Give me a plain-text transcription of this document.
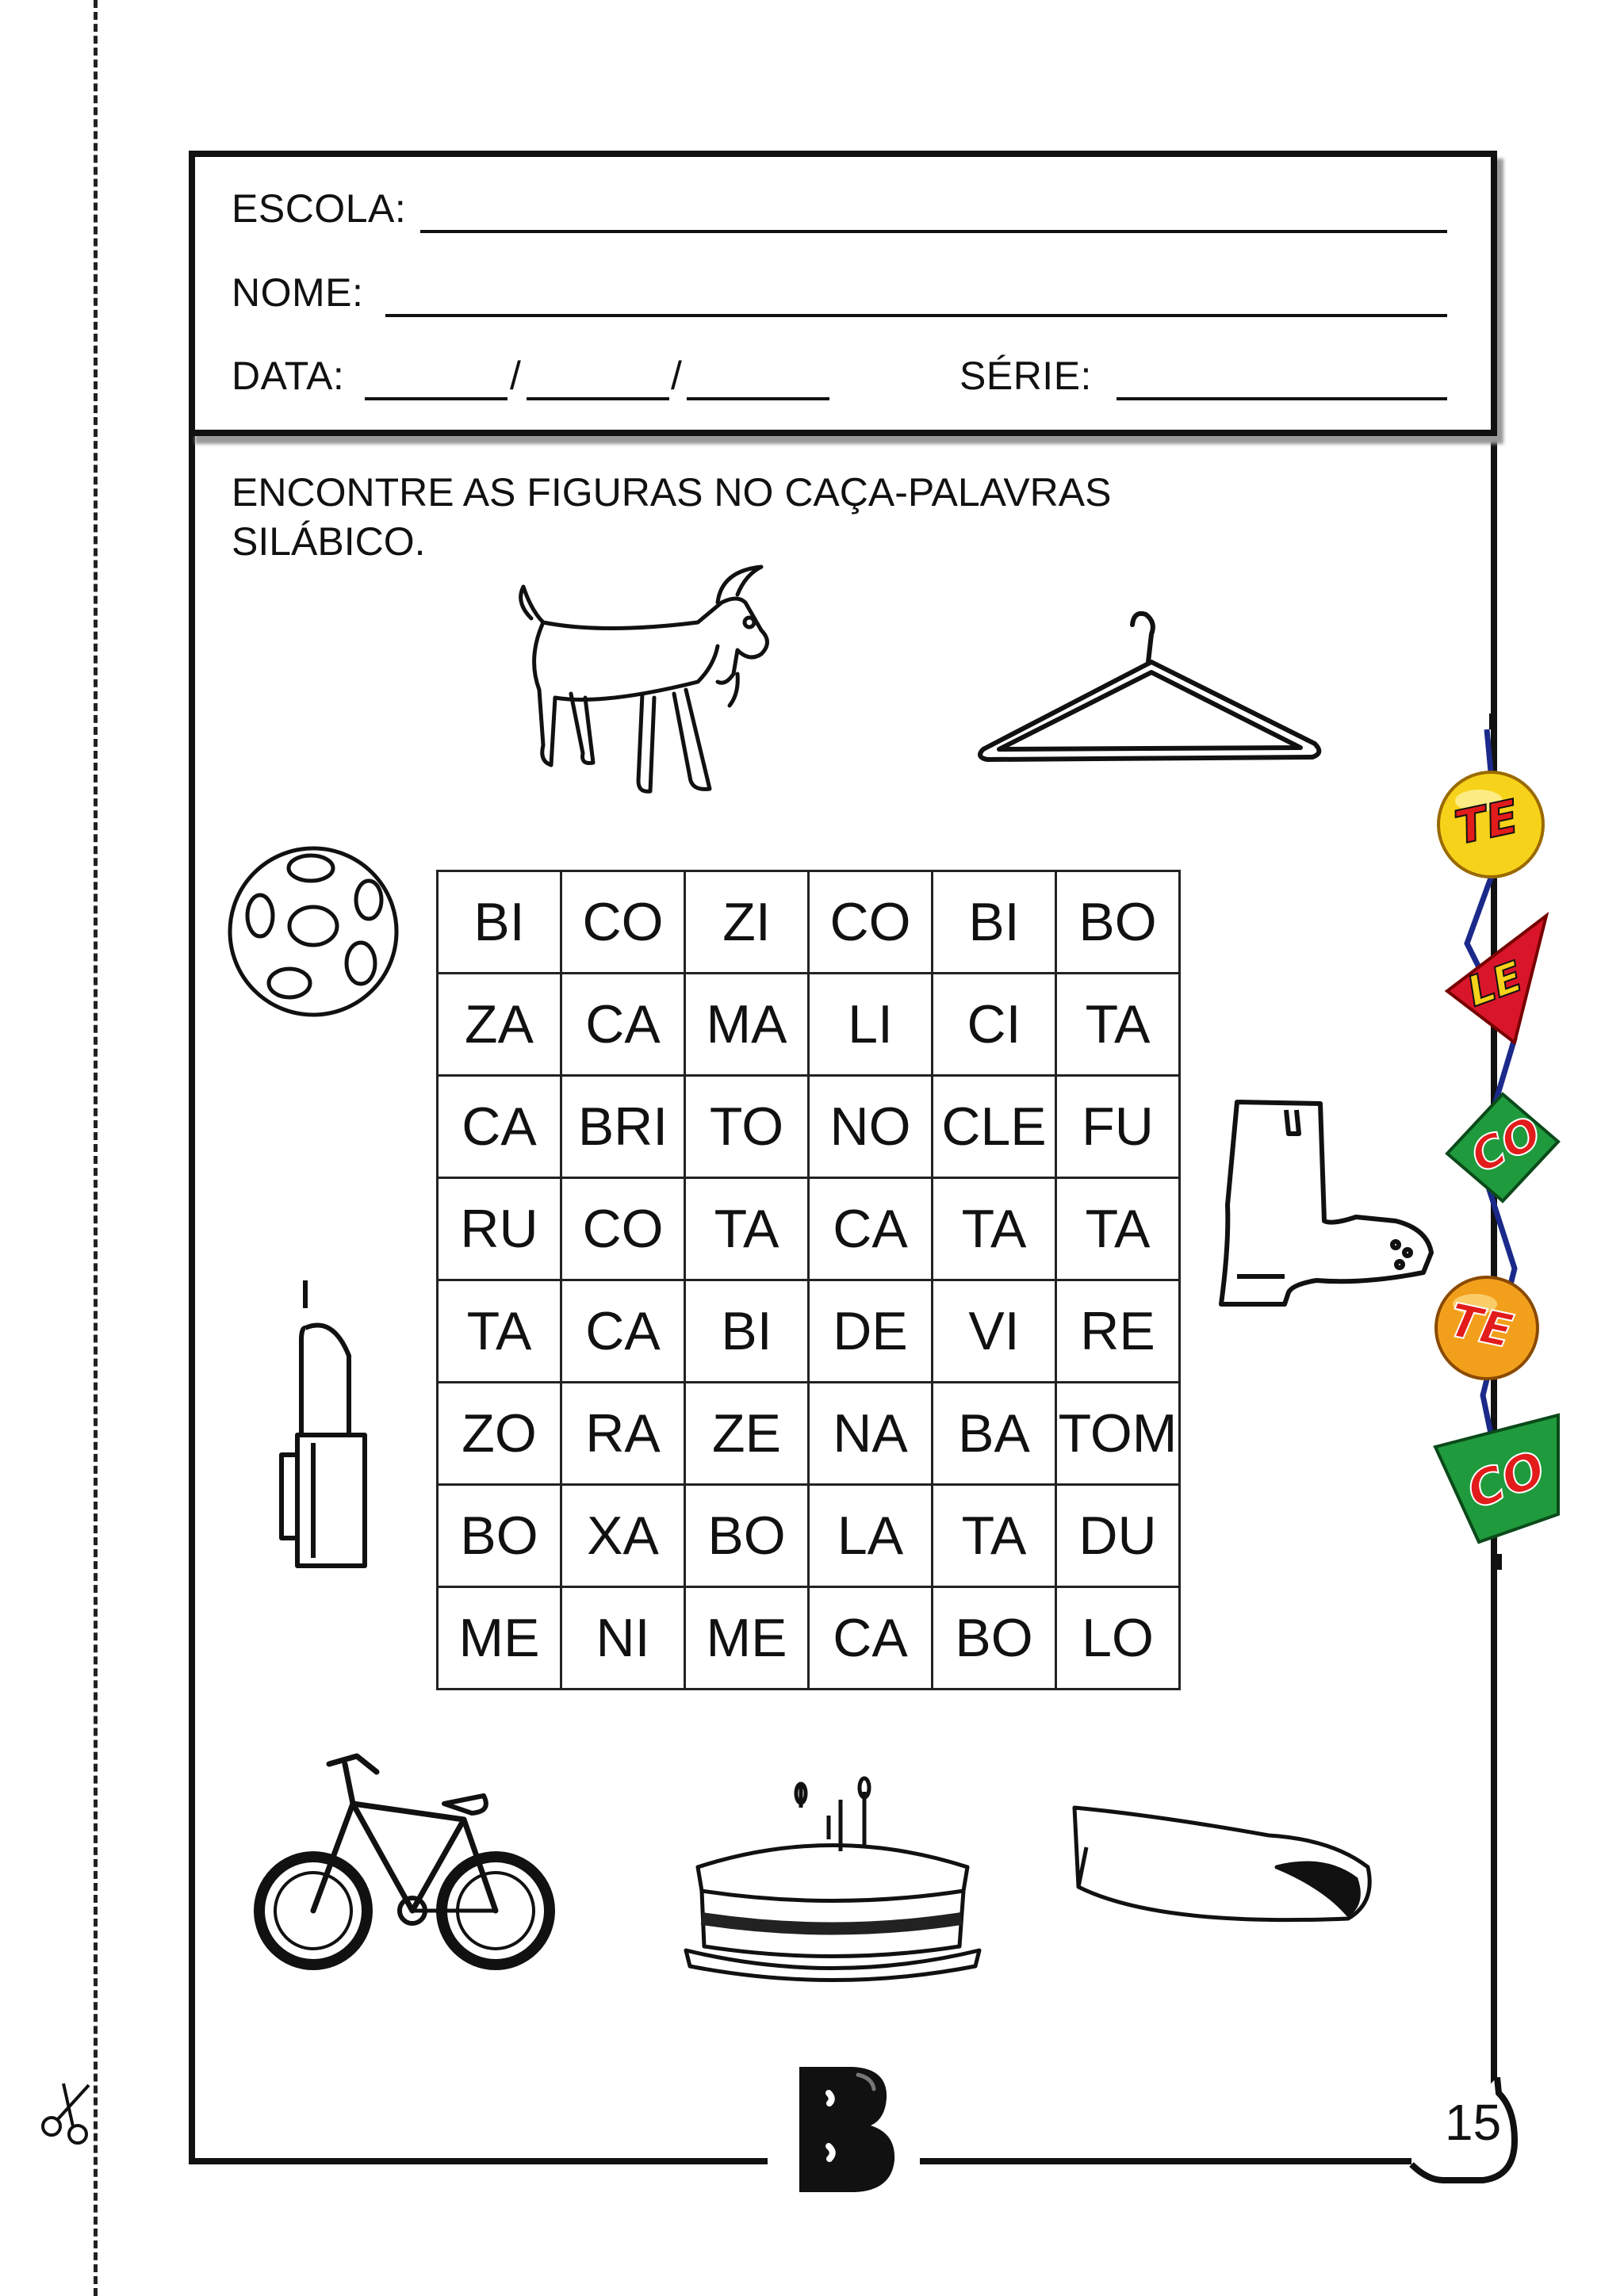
ESCOLA:
NOME:
DATA:	/	/	SÉRIE:
ENCONTRE AS FIGURAS NO CAÇA-PALAVRAS
SILÁBICO.
BI	CO	ZI	CO	BI	BO
ZA	CA	MA	LI	CI	TA
CA	BRI	TO	NO	CLE	FU
RU	CO	TA	CA	TA	TA
TA	CA	BI	DE	VI	RE
ZO	RA	ZE	NA	BA	TOM
BO	XA	BO	LA	TA	DU
ME	NI	ME	CA	BO	LO
TE
LE
CO
TE
CO
15
